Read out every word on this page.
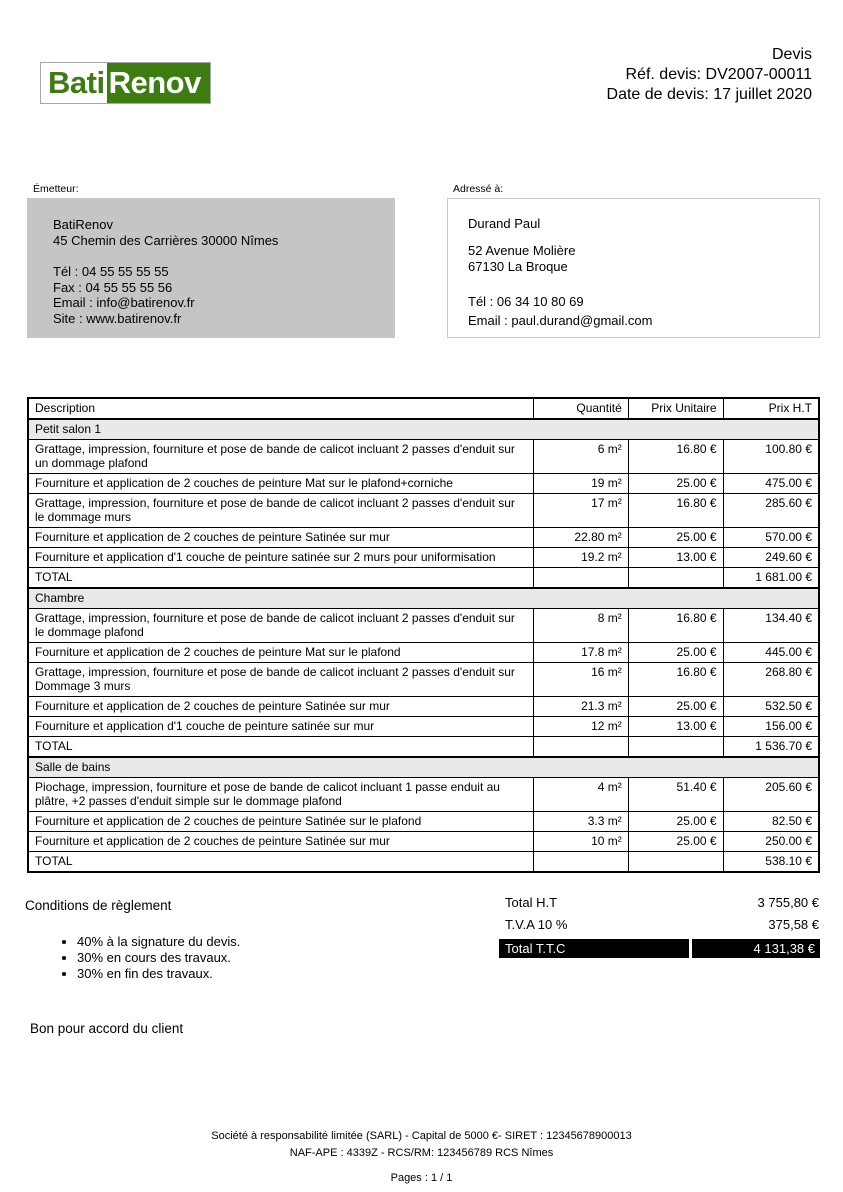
Bati Renov
Devis
Réf. devis: DV2007-00011
Date de devis: 17 juillet 2020
Émetteur:
BatiRenov
45 Chemin des Carrières 30000 Nîmes
Tél : 04 55 55 55 55
Fax : 04 55 55 55 56
Email : info@batirenov.fr
Site : www.batirenov.fr
Adressé à:
Durand Paul
52 Avenue Molière
67130 La Broque
Tél : 06 34 10 80 69
Email : paul.durand@gmail.com
Description	Quantité	Prix Unitaire	Prix H.T
Petit salon 1			
Grattage, impression, fourniture et pose de bande de calicot incluant 2 passes d'enduit sur un dommage plafond	6 m²	16.80 €	100.80 €
Fourniture et application de 2 couches de peinture Mat sur le plafond+corniche	19 m²	25.00 €	475.00 €
Grattage, impression, fourniture et pose de bande de calicot incluant 2 passes d'enduit sur le dommage murs	17 m²	16.80 €	285.60 €
Fourniture et application de 2 couches de peinture Satinée sur mur	22.80 m²	25.00 €	570.00 €
Fourniture et application d'1 couche de peinture satinée sur 2 murs pour uniformisation	19.2 m²	13.00 €	249.60 €
TOTAL			1 681.00 €
Chambre			
Grattage, impression, fourniture et pose de bande de calicot incluant 2 passes d'enduit sur le dommage plafond	8 m²	16.80 €	134.40 €
Fourniture et application de 2 couches de peinture Mat sur le plafond	17.8 m²	25.00 €	445.00 €
Grattage, impression, fourniture et pose de bande de calicot incluant 2 passes d'enduit sur Dommage 3 murs	16 m²	16.80 €	268.80 €
Fourniture et application de 2 couches de peinture Satinée sur mur	21.3 m²	25.00 €	532.50 €
Fourniture et application d'1 couche de peinture satinée sur mur	12 m²	13.00 €	156.00 €
TOTAL			1 536.70 €
Salle de bains			
Piochage, impression, fourniture et pose de bande de calicot incluant 1 passe enduit au plâtre, +2 passes d'enduit simple sur le dommage plafond	4 m²	51.40 €	205.60 €
Fourniture et application de 2 couches de peinture Satinée sur le plafond	3.3 m²	25.00 €	82.50 €
Fourniture et application de 2 couches de peinture Satinée sur mur	10 m²	25.00 €	250.00 €
TOTAL			538.10 €
Conditions de règlement
• 40% à la signature du devis.
• 30% en cours des travaux.
• 30% en fin des travaux.
Total H.T	3 755,80 €
T.V.A 10 %	375,58 €
Total T.T.C	4 131,38 €
Bon pour accord du client
Société à responsabilité limitée (SARL) - Capital de 5000 €- SIRET : 12345678900013
NAF-APE : 4339Z - RCS/RM: 123456789 RCS Nîmes
Pages : 1 / 1
